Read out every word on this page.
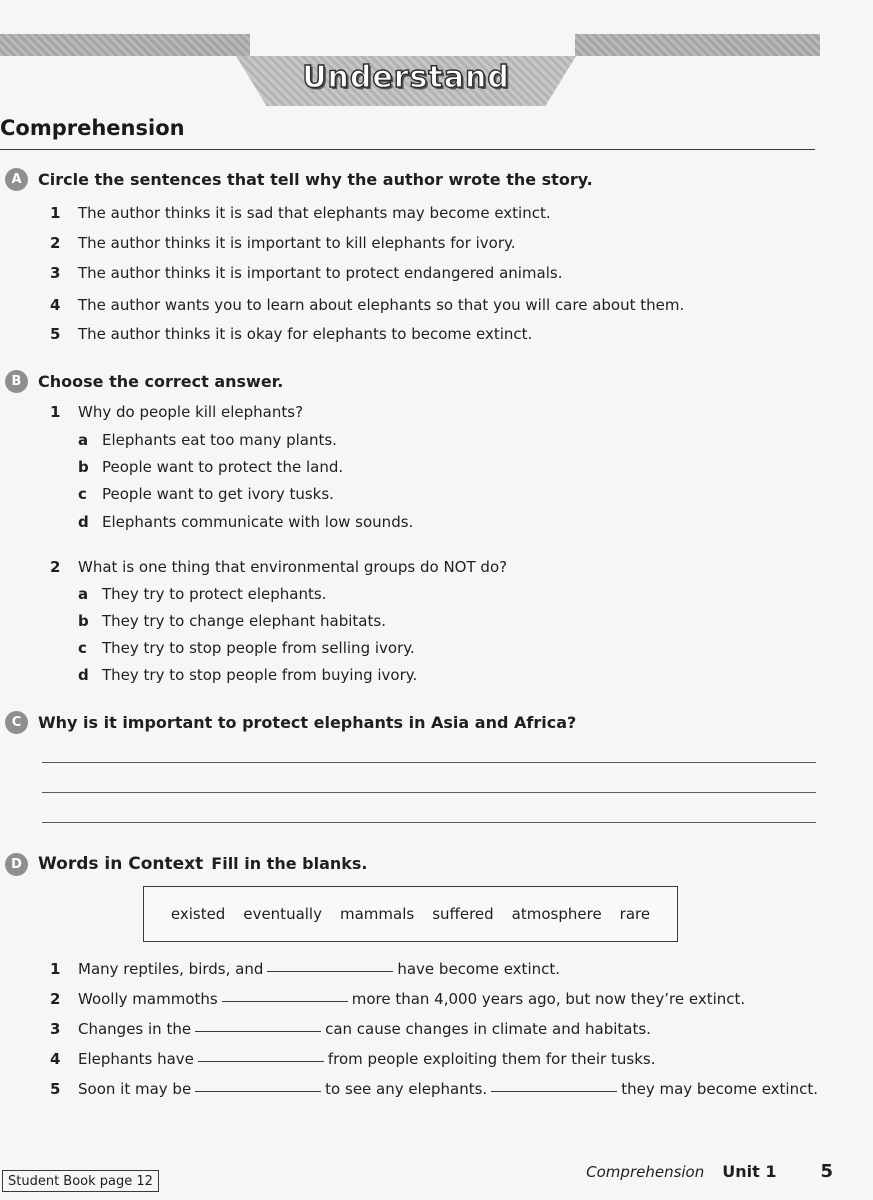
Understand
Comprehension
A	Circle the sentences that tell why the author wrote the story.
1	The author thinks it is sad that elephants may become extinct.
2	The author thinks it is important to kill elephants for ivory.
3	The author thinks it is important to protect endangered animals.
4	The author wants you to learn about elephants so that you will care about them.
5	The author thinks it is okay for elephants to become extinct.
B	Choose the correct answer.
1	Why do people kill elephants?
a Elephants eat too many plants.
b People want to protect the land.
c	People want to get ivory tusks.
d Elephants communicate with low sounds.
2	What is one thing that environmental groups do NOT do?
a They try to protect elephants.
b They try to change elephant habitats.
c	They try to stop people from selling ivory.
d They try to stop people from buying ivory.
C	Why is it important to protect elephants in Asia and Africa?
D Words in Context Fill in the blanks.
existed eventually mammals suffered atmosphere rare
1	Many reptiles, birds, and	have become extinct.
2	Woolly mammoths	more than 4,000 years ago, but now they’re extinct.
3	Changes in the	can cause changes in climate and habitats.
4	Elephants have	from people exploiting them for their tusks.
5	Soon it may be	to see any elephants.	they may become extinct.
Student Book page 12	Comprehension Unit 1 5
